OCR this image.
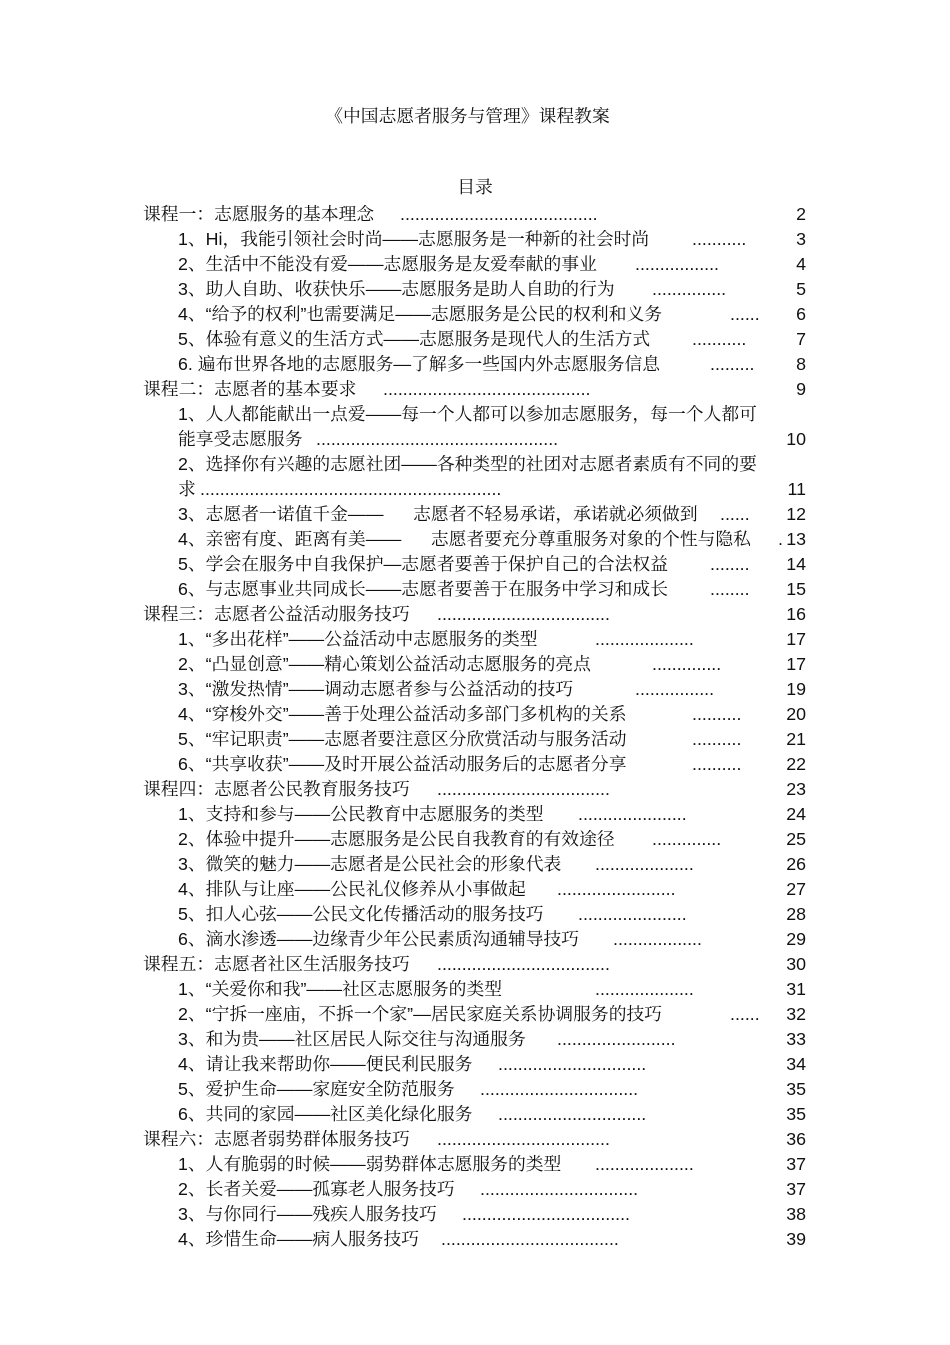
《中国志愿者服务与管理》课程教案
目录
课程一：志愿服务的基本理念 ........................................	2
1、Hi，我能引领社会时尚——志愿服务是一种新的社会时尚 ...........	3
2、生活中不能没有爱——志愿服务是友爱奉献的事业 .................	4
3、助人自助、收获快乐——志愿服务是助人自助的行为 ...............	5
4、“给予的权利”也需要满足——志愿服务是公民的权利和义务	...... 6
5、体验有意义的生活方式——志愿服务是现代人的生活方式 ...........	7
6. 遍布世界各地的志愿服务—了解多一些国内外志愿服务信息	......... 8
课程二：志愿者的基本要求 ..........................................	9
1、人人都能献出一点爱——每一个人都可以参加志愿服务，每一个人都可
能享受志愿服务 .................................................	10
2、选择你有兴趣的志愿社团——各种类型的社团对志愿者素质有不同的要
求 .............................................................	11
3、志愿者一诺值千金——      志愿者不轻易承诺，承诺就必须做到 ...... 12
4、亲密有度、距离有美——      志愿者要充分尊重服务对象的个性与隐私 . 13
5、学会在服务中自我保护—志愿者要善于保护自己的合法权益 ........ 14
6、与志愿事业共同成长——志愿者要善于在服务中学习和成长 ........ 15
课程三：志愿者公益活动服务技巧 ...................................	16
1、“多出花样”——公益活动中志愿服务的类型	....................	17
2、“凸显创意”——精心策划公益活动志愿服务的亮点	..............	17
3、“激发热情”——调动志愿者参与公益活动的技巧	................	19
4、“穿梭外交”——善于处理公益活动多部门多机构的关系	..........	20
5、“牢记职责”——志愿者要注意区分欣赏活动与服务活动	..........	21
6、“共享收获”——及时开展公益活动服务后的志愿者分享	..........	22
课程四：志愿者公民教育服务技巧 ...................................	23
1、支持和参与——公民教育中志愿服务的类型 ......................	24
2、体验中提升——志愿服务是公民自我教育的有效途径 ..............	25
3、微笑的魅力——志愿者是公民社会的形象代表 ....................	26
4、排队与让座——公民礼仪修养从小事做起 ........................	27
5、扣人心弦——公民文化传播活动的服务技巧 ......................	28
6、滴水渗透——边缘青少年公民素质沟通辅导技巧 ..................	29
课程五：志愿者社区生活服务技巧 ...................................	30
1、“关爱你和我”——社区志愿服务的类型	....................	31
2、“宁拆一座庙，不拆一个家”—居民家庭关系协调服务的技巧	...... 32
3、和为贵——社区居民人际交往与沟通服务 ........................	33
4、请让我来帮助你——便民利民服务 ..............................	34
5、爱护生命——家庭安全防范服务 ................................	35
6、共同的家园——社区美化绿化服务 ..............................	35
课程六：志愿者弱势群体服务技巧 ...................................	36
1、人有脆弱的时候——弱势群体志愿服务的类型 ....................	37
2、长者关爱——孤寡老人服务技巧 ................................	37
3、与你同行——残疾人服务技巧 ..................................	38
4、珍惜生命——病人服务技巧 ....................................	39
